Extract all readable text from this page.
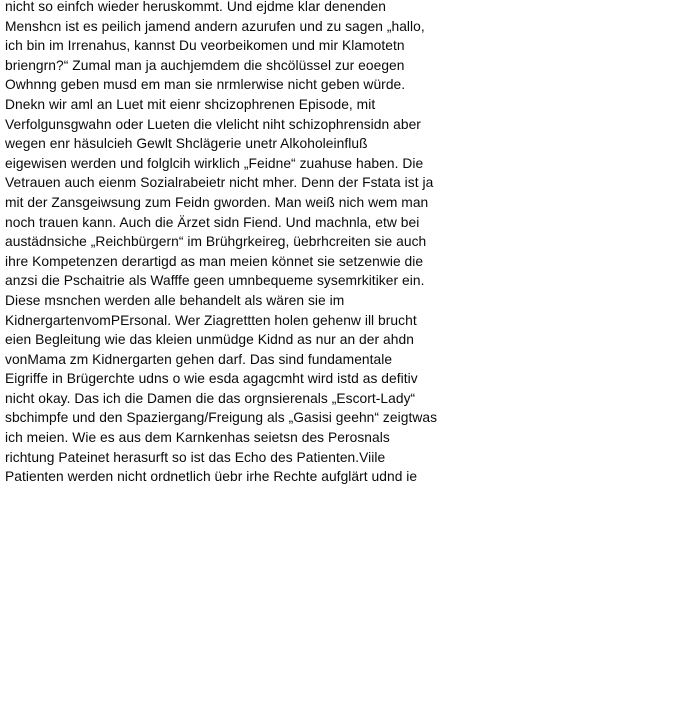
nicht so einfch wieder heruskommt. Und ejdme klar denenden
Menshcn ist es peilich jamend andern azurufen und zu sagen „hallo,
ich bin im Irrenahus, kannst Du veorbeikomen und mir Klamotetn
briengrn?“ Zumal man ja auchjemdem die shcölüssel zur eoegen
Owhnng geben musd em man sie nrmlerwise nicht geben würde.
Dnekn wir aml an Luet mit eienr shcizophrenen Episode, mit
Verfolgunsgwahn oder Lueten die vlelicht niht schizophrensidn aber
wegen enr häsulcieh Gewlt Shclägerie unetr Alkoholeinfluß
eigewisen werden und folglcih wirklich „Feidne“ zuahuse haben. Die
Vetrauen auch eienm Sozialrabeietr nicht mher. Denn der Fstata ist ja
mit der Zansgeiwsung zum Feidn gworden. Man weiß nich wem man
noch trauen kann. Auch die Ärzet sidn Fiend. Und machnla, etw bei
austädnsiche „Reichbürgern“ im Brühgrkeireg, üebrhcreiten sie auch
ihre Kompetenzen derartigd as man meien könnet sie setzenwie die
anzsi die Pschaitrie als Wafffe geen umnbequeme sysemrkitiker ein.
Diese msnchen werden alle behandelt als wären sie im
KidnergartenvomPErsonal. Wer Ziagrettten holen gehenw ill brucht
eien Begleitung wie das kleien unmüdge Kidnd as nur an der ahdn
vonMama zm Kidnergarten gehen darf. Das sind fundamentale
Eigriffe in Brügerchte udns o wie esda agagcmht wird istd as defitiv
nicht okay. Das ich die Damen die das orgnsierenals „Escort-Lady“
sbchimpfe und den Spaziergang/Freigung als „Gasisi geehn“ zeigtwas
ich meien. Wie es aus dem Karnkenhas seietsn des Perosnals
richtung Pateinet herasurft so ist das Echo des Patienten.Viile
Patienten werden nicht ordnetlich üebr irhe Rechte aufglärt udnd ie
